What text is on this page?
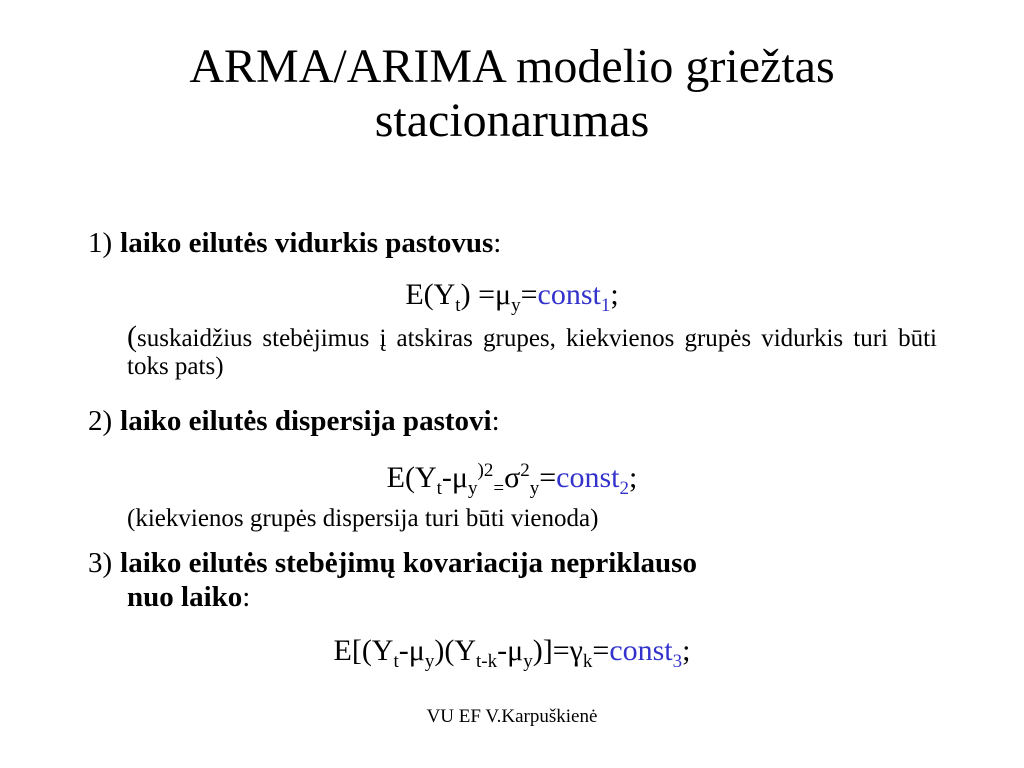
ARMA/ARIMA modelio griežtas
stacionarumas
1) laiko eilutės vidurkis pastovus:
$E(Y_t)$ $=\mu_y=const_1$;
(suskaidžius stebėjimus į atskiras grupes, kiekvienos grupės vidurkis turi būti toks pats)
2) laiko eilutės dispersija pastovi:
$E(Y_t-\mu_y^{)2}_=\sigma^2_y=const_2$;
(kiekvienos grupės dispersija turi būti vienoda)
3) laiko eilutės stebėjimų kovariacija nepriklauso
nuo laiko:
$E[(Y_t-\mu_y)(Y_{t-k}-\mu_y)]=\gamma_k=const_3$;
VU EF V.Karpuškienė
